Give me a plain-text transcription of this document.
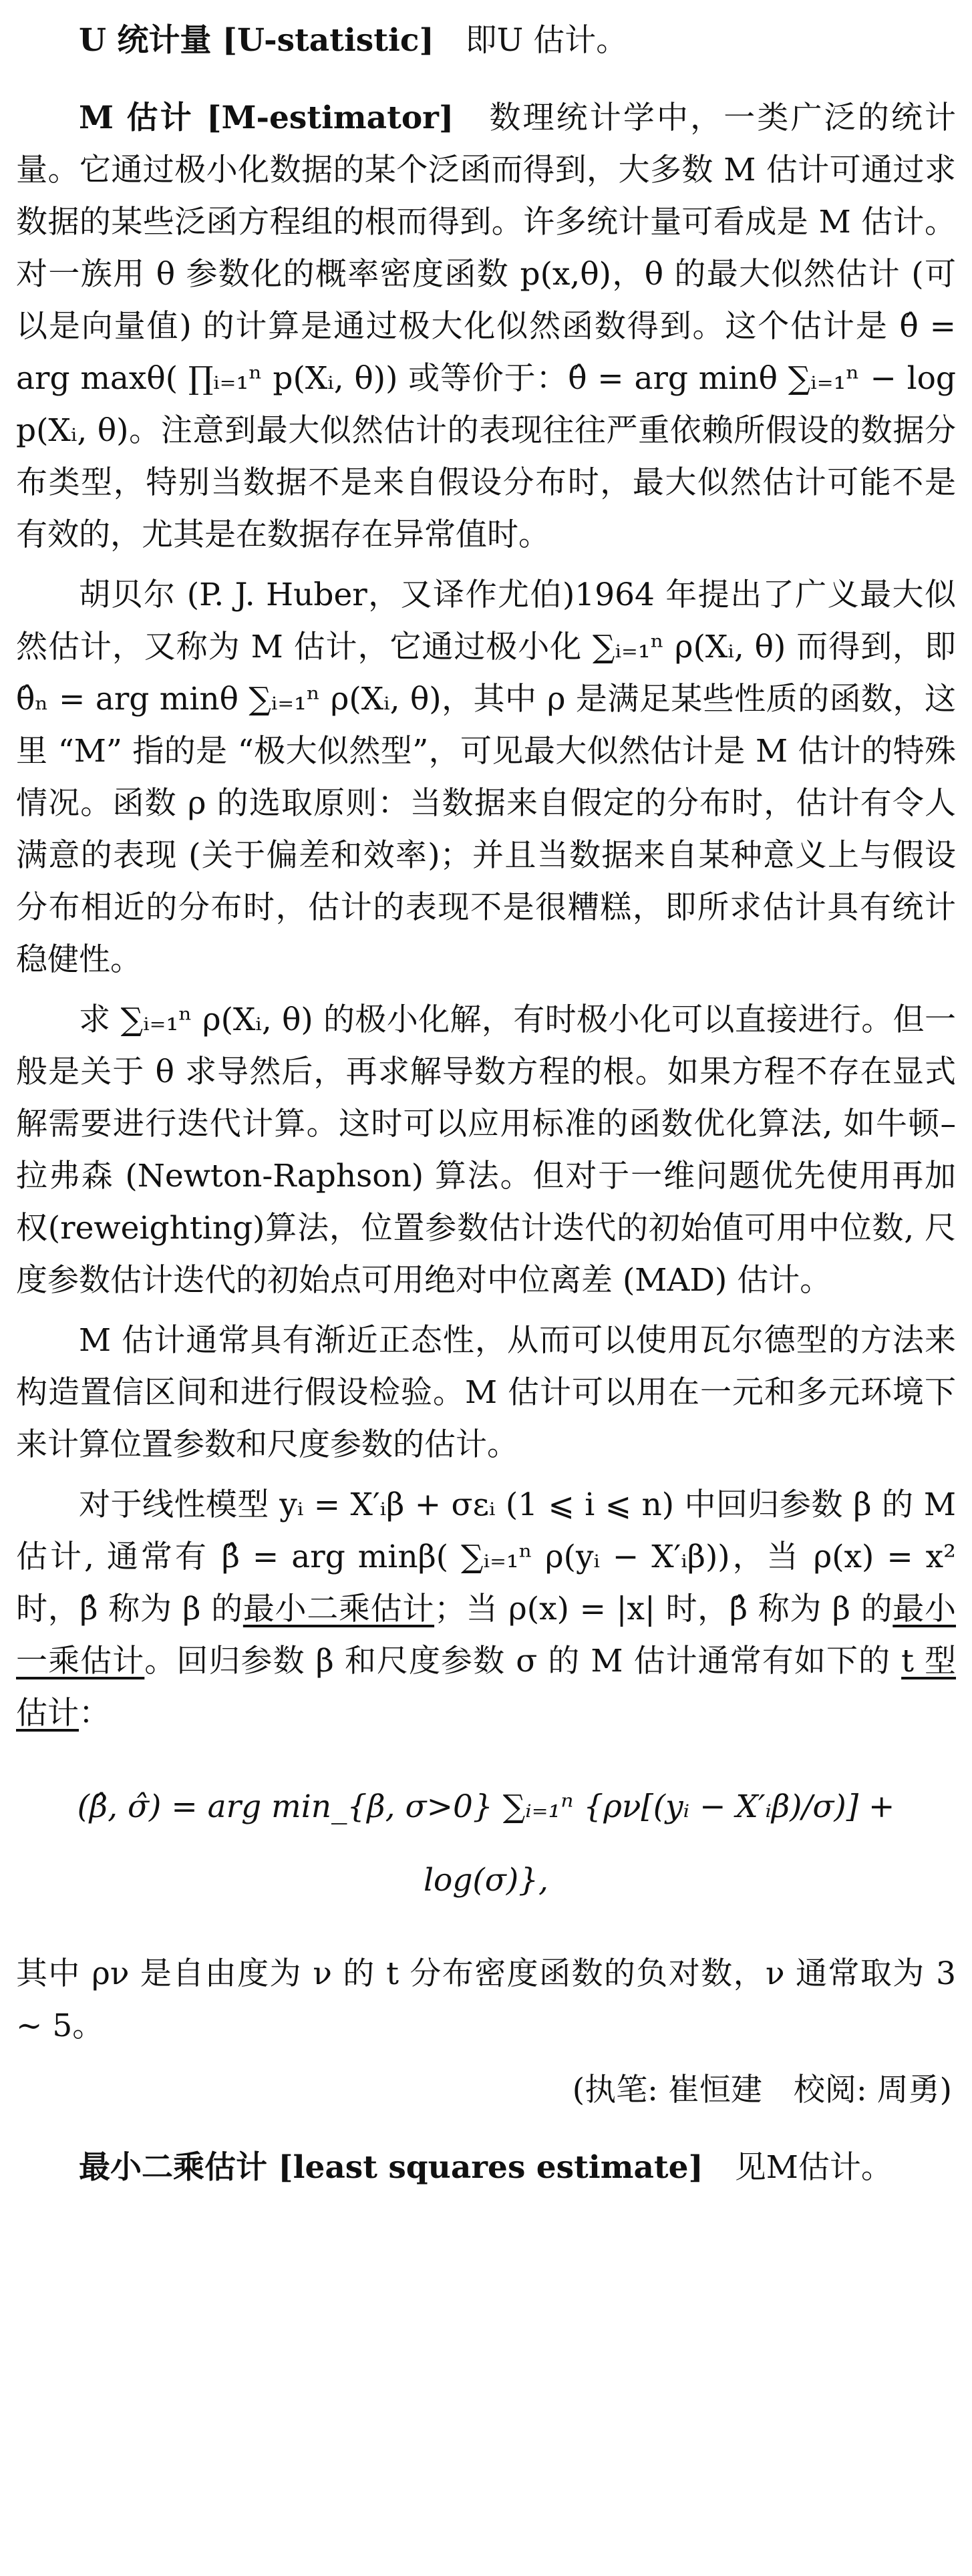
U 统计量 [U-statistic]　即U 估计。

M 估计 [M-estimator]　数理统计学中，一类广泛的统计量。它通过极小化数据的某个泛函而得到，大多数 M 估计可通过求数据的某些泛函方程组的根而得到。许多统计量可看成是 M 估计。对一族用 θ 参数化的概率密度函数 p(x,θ)，θ 的最大似然估计 (可以是向量值) 的计算是通过极大化似然函数得到。这个估计是 θ̂ = arg maxθ( ∏ᵢ₌₁ⁿ p(Xᵢ, θ)) 或等价于：θ̂ = arg minθ ∑ᵢ₌₁ⁿ − log p(Xᵢ, θ)。注意到最大似然估计的表现往往严重依赖所假设的数据分布类型，特别当数据不是来自假设分布时，最大似然估计可能不是有效的，尤其是在数据存在异常值时。

胡贝尔 (P. J. Huber，又译作尤伯)1964 年提出了广义最大似然估计，又称为 M 估计，它通过极小化 ∑ᵢ₌₁ⁿ ρ(Xᵢ, θ) 而得到，即 θ̂ₙ = arg minθ ∑ᵢ₌₁ⁿ ρ(Xᵢ, θ)，其中 ρ 是满足某些性质的函数，这里 “M” 指的是 “极大似然型”，可见最大似然估计是 M 估计的特殊情况。函数 ρ 的选取原则：当数据来自假定的分布时，估计有令人满意的表现 (关于偏差和效率)；并且当数据来自某种意义上与假设分布相近的分布时，估计的表现不是很糟糕，即所求估计具有统计稳健性。

求 ∑ᵢ₌₁ⁿ ρ(Xᵢ, θ) 的极小化解，有时极小化可以直接进行。但一般是关于 θ 求导然后，再求解导数方程的根。如果方程不存在显式解需要进行迭代计算。这时可以应用标准的函数优化算法, 如牛顿–拉弗森 (Newton-Raphson) 算法。但对于一维问题优先使用再加权(reweighting)算法，位置参数估计迭代的初始值可用中位数, 尺度参数估计迭代的初始点可用绝对中位离差 (MAD) 估计。

M 估计通常具有渐近正态性，从而可以使用瓦尔德型的方法来构造置信区间和进行假设检验。M 估计可以用在一元和多元环境下来计算位置参数和尺度参数的估计。

对于线性模型 yᵢ = X′ᵢβ + σεᵢ (1 ⩽ i ⩽ n) 中回归参数 β 的 M 估计, 通常有 β̂ = arg minβ( ∑ᵢ₌₁ⁿ ρ(yᵢ − X′ᵢβ))，当 ρ(x) = x² 时，β̂ 称为 β 的最小二乘估计；当 ρ(x) = |x| 时，β̂ 称为 β 的最小一乘估计。回归参数 β 和尺度参数 σ 的 M 估计通常有如下的 t 型估计：

(β̂, σ̂) = arg min_{β, σ>0} ∑ᵢ₌₁ⁿ {ρν[(yᵢ − X′ᵢβ)/σ)] + log(σ)},

其中 ρν 是自由度为 ν 的 t 分布密度函数的负对数，ν 通常取为 3 ∼ 5。

(执笔: 崔恒建　校阅: 周勇)

最小二乘估计 [least squares estimate]　见M估计。
